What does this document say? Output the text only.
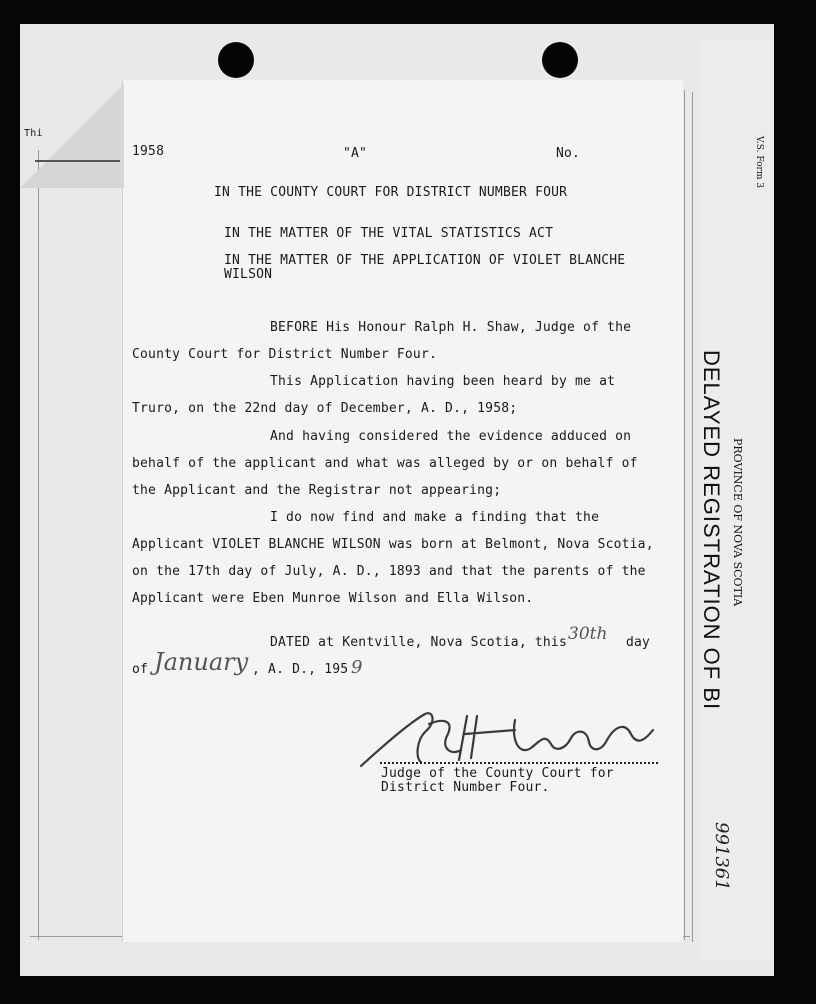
Thi
1958	"A"	No.
IN THE COUNTY COURT FOR DISTRICT NUMBER FOUR
IN THE MATTER OF THE VITAL STATISTICS ACT
IN THE MATTER OF THE APPLICATION OF VIOLET BLANCHE
WILSON
BEFORE His Honour Ralph H. Shaw, Judge of the
County Court for District Number Four.
This Application having been heard by me at
Truro, on the 22nd day of December, A. D., 1958;
And having considered the evidence adduced on
behalf of the applicant and what was alleged by or on behalf of
the Applicant and the Registrar not appearing;
I do now find and make a finding that the
Applicant VIOLET BLANCHE WILSON was born at Belmont, Nova Scotia,
on the 17th day of July, A. D., 1893 and that the parents of the
Applicant were Eben Munroe Wilson and Ella Wilson.
DATED at Kentville, Nova Scotia, this 30th day
of January , A. D., 195 9
Judge of the County Court for
District Number Four.
V.S. Form 3
PROVINCE OF NOVA SCOTIA
DELAYED REGISTRATION OF BI
991361
